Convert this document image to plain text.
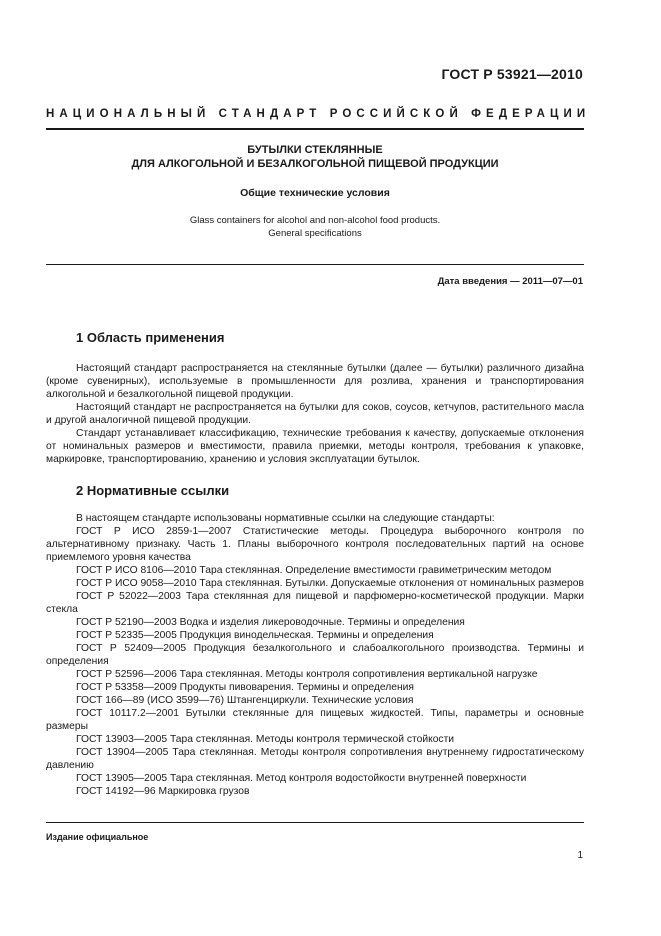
ГОСТ Р 53921—2010
НАЦИОНАЛЬНЫЙ СТАНДАРТ РОССИЙСКОЙ ФЕДЕРАЦИИ
БУТЫЛКИ СТЕКЛЯННЫЕ
ДЛЯ АЛКОГОЛЬНОЙ И БЕЗАЛКОГОЛЬНОЙ ПИЩЕВОЙ ПРОДУКЦИИ
Общие технические условия
Glass containers for alcohol and non-alcohol food products.
General specifications
Дата введения — 2011—07—01
1 Область применения

Настоящий стандарт распространяется на стеклянные бутылки (далее — бутылки) различного дизайна (кроме сувенирных), используемые в промышленности для розлива, хранения и транспортирования алкогольной и безалкогольной пищевой продукции.

Настоящий стандарт не распространяется на бутылки для соков, соусов, кетчупов, растительного масла и другой аналогичной пищевой продукции.

Стандарт устанавливает классификацию, технические требования к качеству, допускаемые отклонения от номинальных размеров и вместимости, правила приемки, методы контроля, требования к упаковке, маркировке, транспортированию, хранению и условия эксплуатации бутылок.

2 Нормативные ссылки

В настоящем стандарте использованы нормативные ссылки на следующие стандарты:

ГОСТ Р ИСО 2859-1—2007 Статистические методы. Процедура выборочного контроля по альтернативному признаку. Часть 1. Планы выборочного контроля последовательных партий на основе приемлемого уровня качества

ГОСТ Р ИСО 8106—2010 Тара стеклянная. Определение вместимости гравиметрическим методом

ГОСТ Р ИСО 9058—2010 Тара стеклянная. Бутылки. Допускаемые отклонения от номинальных размеров

ГОСТ Р 52022—2003 Тара стеклянная для пищевой и парфюмерно-косметической продукции. Марки стекла

ГОСТ Р 52190—2003 Водка и изделия ликероводочные. Термины и определения

ГОСТ Р 52335—2005 Продукция винодельческая. Термины и определения

ГОСТ Р 52409—2005 Продукция безалкогольного и слабоалкогольного производства. Термины и определения

ГОСТ Р 52596—2006 Тара стеклянная. Методы контроля сопротивления вертикальной нагрузке

ГОСТ Р 53358—2009 Продукты пивоварения. Термины и определения

ГОСТ 166—89 (ИСО 3599—76) Штангенциркули. Технические условия

ГОСТ 10117.2—2001 Бутылки стеклянные для пищевых жидкостей. Типы, параметры и основные размеры

ГОСТ 13903—2005 Тара стеклянная. Методы контроля термической стойкости

ГОСТ 13904—2005 Тара стеклянная. Методы контроля сопротивления внутреннему гидростатическому давлению

ГОСТ 13905—2005 Тара стеклянная. Метод контроля водостойкости внутренней поверхности

ГОСТ 14192—96 Маркировка грузов

Издание официальное
1
